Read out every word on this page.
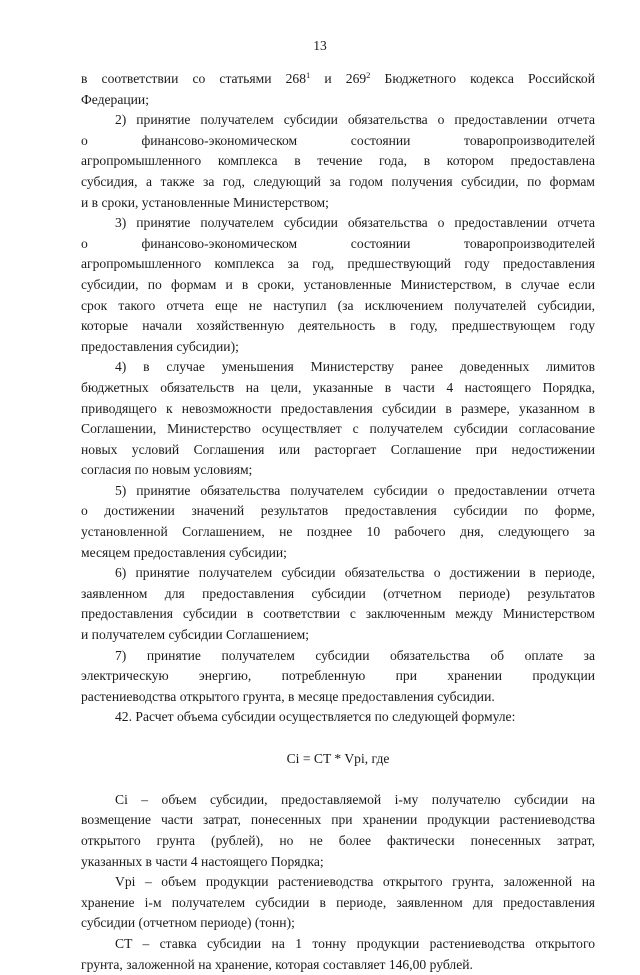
13
в соответствии со статьями $268^1$ и $269^2$ Бюджетного кодекса Российской
Федерации;
2) принятие получателем субсидии обязательства о предоставлении отчета
о финансово-экономическом состоянии товаропроизводителей
агропромышленного комплекса в течение года, в котором предоставлена
субсидия, а также за год, следующий за годом получения субсидии, по формам
и в сроки, установленные Министерством;
3) принятие получателем субсидии обязательства о предоставлении отчета
о финансово-экономическом состоянии товаропроизводителей
агропромышленного комплекса за год, предшествующий году предоставления
субсидии, по формам и в сроки, установленные Министерством, в случае если
срок такого отчета еще не наступил (за исключением получателей субсидии,
которые начали хозяйственную деятельность в году, предшествующем году
предоставления субсидии);
4) в случае уменьшения Министерству ранее доведенных лимитов
бюджетных обязательств на цели, указанные в части 4 настоящего Порядка,
приводящего к невозможности предоставления субсидии в размере, указанном в
Соглашении, Министерство осуществляет с получателем субсидии согласование
новых условий Соглашения или расторгает Соглашение при недостижении
согласия по новым условиям;
5) принятие обязательства получателем субсидии о предоставлении отчета
о достижении значений результатов предоставления субсидии по форме,
установленной Соглашением, не позднее 10 рабочего дня, следующего за
месяцем предоставления субсидии;
6) принятие получателем субсидии обязательства о достижении в периоде,
заявленном для предоставления субсидии (отчетном периоде) результатов
предоставления субсидии в соответствии с заключенным между Министерством
и получателем субсидии Соглашением;
7) принятие получателем субсидии обязательства об оплате за
электрическую энергию, потребленную при хранении продукции
растениеводства открытого грунта, в месяце предоставления субсидии.
42. Расчет объема субсидии осуществляется по следующей формуле:
Ci = CT * Vpi, где
Ci – объем субсидии, предоставляемой i-му получателю субсидии на
возмещение части затрат, понесенных при хранении продукции растениеводства
открытого грунта (рублей), но не более фактически понесенных затрат,
указанных в части 4 настоящего Порядка;
Vpi – объем продукции растениеводства открытого грунта, заложенной на
хранение i-м получателем субсидии в периоде, заявленном для предоставления
субсидии (отчетном периоде) (тонн);
CT – ставка субсидии на 1 тонну продукции растениеводства открытого
грунта, заложенной на хранение, которая составляет 146,00 рублей.
